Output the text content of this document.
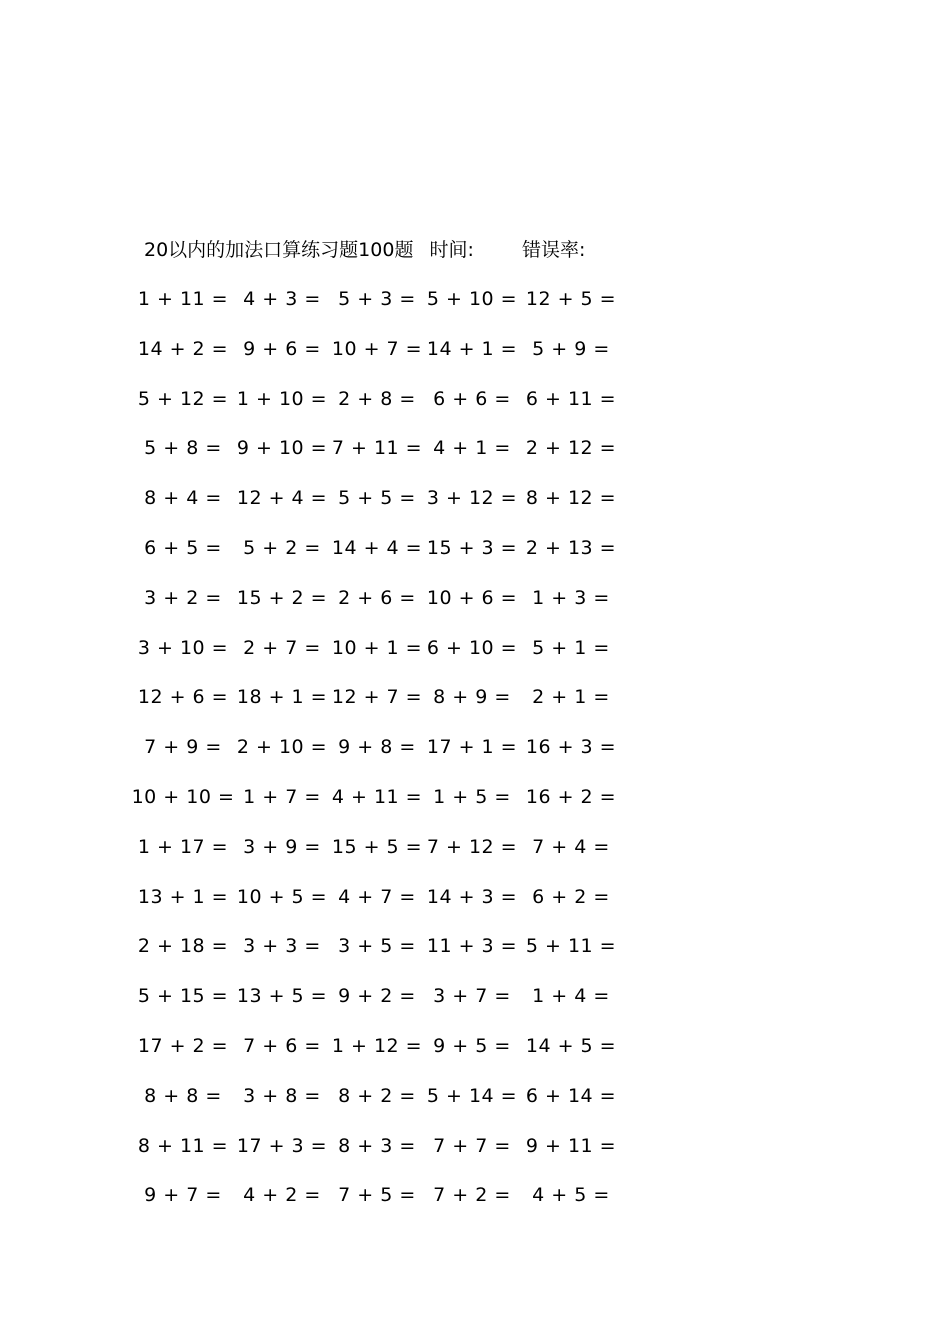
20以内的加法口算练习题100题 时间:	错误率:
1 + 11 = 4 + 3 = 5 + 3 = 5 + 10 = 12 + 5 =
14 + 2 = 9 + 6 = 10 + 7 = 14 + 1 = 5 + 9 =
5 + 12 = 1 + 10 = 2 + 8 = 6 + 6 = 6 + 11 =
5 + 8 = 9 + 10 = 7 + 11 = 4 + 1 = 2 + 12 =
8 + 4 = 12 + 4 = 5 + 5 = 3 + 12 = 8 + 12 =
6 + 5 = 5 + 2 = 14 + 4 = 15 + 3 = 2 + 13 =
3 + 2 = 15 + 2 = 2 + 6 = 10 + 6 = 1 + 3 =
3 + 10 = 2 + 7 = 10 + 1 = 6 + 10 = 5 + 1 =
12 + 6 = 18 + 1 = 12 + 7 = 8 + 9 = 2 + 1 =
7 + 9 = 2 + 10 = 9 + 8 = 17 + 1 = 16 + 3 =
10 + 10 = 1 + 7 = 4 + 11 = 1 + 5 = 16 + 2 =
1 + 17 = 3 + 9 = 15 + 5 = 7 + 12 = 7 + 4 =
13 + 1 = 10 + 5 = 4 + 7 = 14 + 3 = 6 + 2 =
2 + 18 = 3 + 3 = 3 + 5 = 11 + 3 = 5 + 11 =
5 + 15 = 13 + 5 = 9 + 2 = 3 + 7 = 1 + 4 =
17 + 2 = 7 + 6 = 1 + 12 = 9 + 5 = 14 + 5 =
8 + 8 = 3 + 8 = 8 + 2 = 5 + 14 = 6 + 14 =
8 + 11 = 17 + 3 = 8 + 3 = 7 + 7 = 9 + 11 =
9 + 7 = 4 + 2 = 7 + 5 = 7 + 2 = 4 + 5 =
